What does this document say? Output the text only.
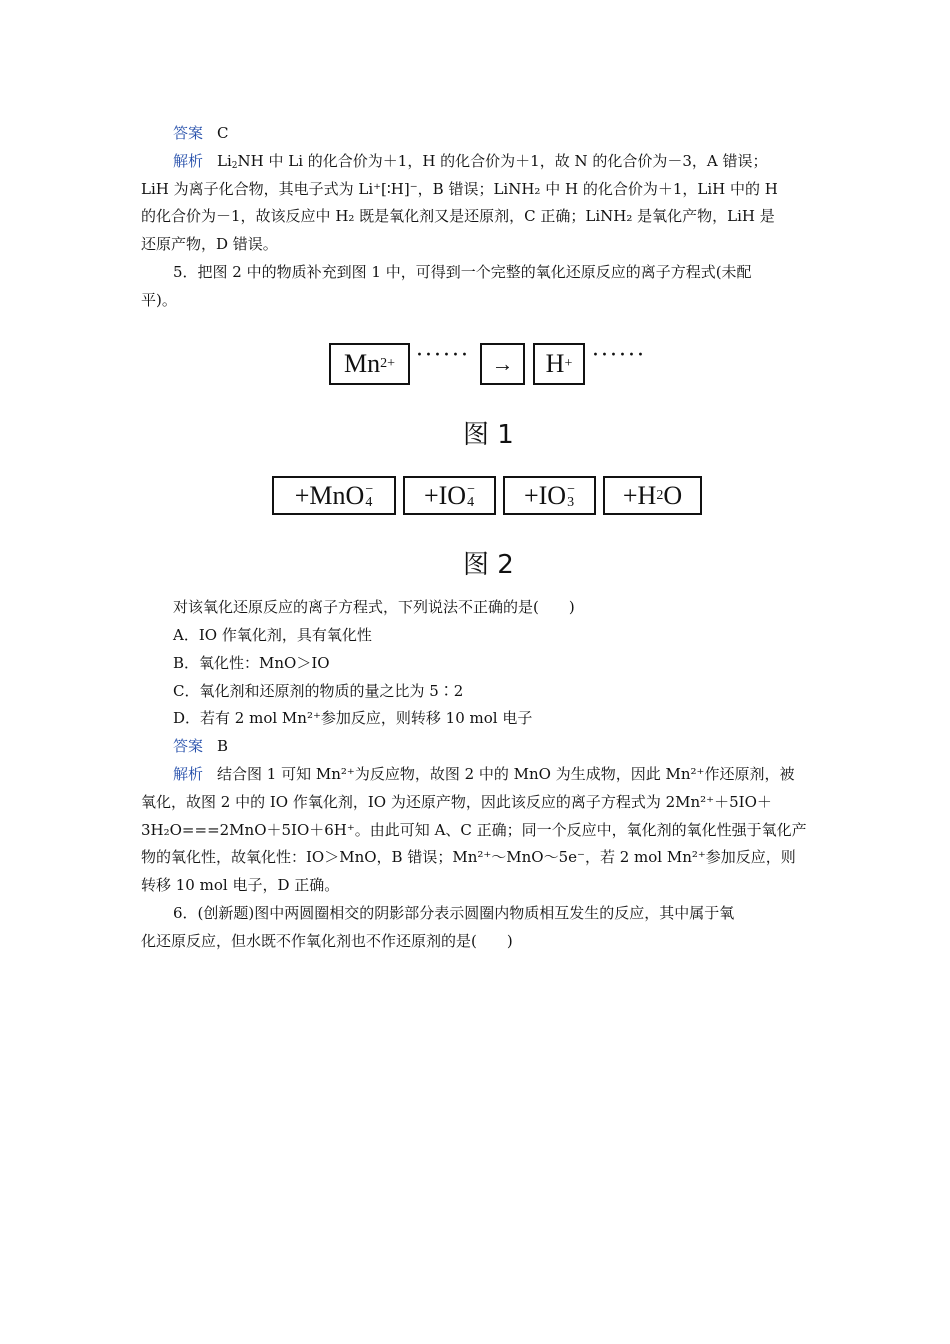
答案 C
解析 $Li_2NH$ 中 Li 的化合价为＋1，H 的化合价为＋1，故 N 的化合价为－3，A 错误；
LiH 为离子化合物，其电子式为 Li⁺[∶H]⁻，B 错误；LiNH₂ 中 H 的化合价为＋1，LiH 中的 H
的化合价为－1，故该反应中 H₂ 既是氧化剂又是还原剂，C 正确；LiNH₂ 是氧化产物，LiH 是
还原产物，D 错误。
5．把图 2 中的物质补充到图 1 中，可得到一个完整的氧化还原反应的离子方程式(未配
平)。
Mn 2+ ······ →	H + ······
图 1
+MnO −
4 +IO −
4 +IO −
3 +H 2 O
图 2
对该氧化还原反应的离子方程式，下列说法不正确的是(　　)
A．IO 作氧化剂，具有氧化性
B．氧化性：MnO＞IO
C．氧化剂和还原剂的物质的量之比为 5∶2
D．若有 2 mol Mn²⁺参加反应，则转移 10 mol 电子
答案 B
解析 结合图 1 可知 Mn²⁺为反应物，故图 2 中的 MnO 为生成物，因此 Mn²⁺作还原剂，被
氧化，故图 2 中的 IO 作氧化剂，IO 为还原产物，因此该反应的离子方程式为 2Mn²⁺＋5IO＋
3H₂O===2MnO＋5IO＋6H⁺。由此可知 A、C 正确；同一个反应中，氧化剂的氧化性强于氧化产
物的氧化性，故氧化性：IO＞MnO，B 错误；Mn²⁺～MnO～5e⁻，若 2 mol Mn²⁺参加反应，则
转移 10 mol 电子，D 正确。
6．(创新题)图中两圆圈相交的阴影部分表示圆圈内物质相互发生的反应，其中属于氧
化还原反应，但水既不作氧化剂也不作还原剂的是(　　)
